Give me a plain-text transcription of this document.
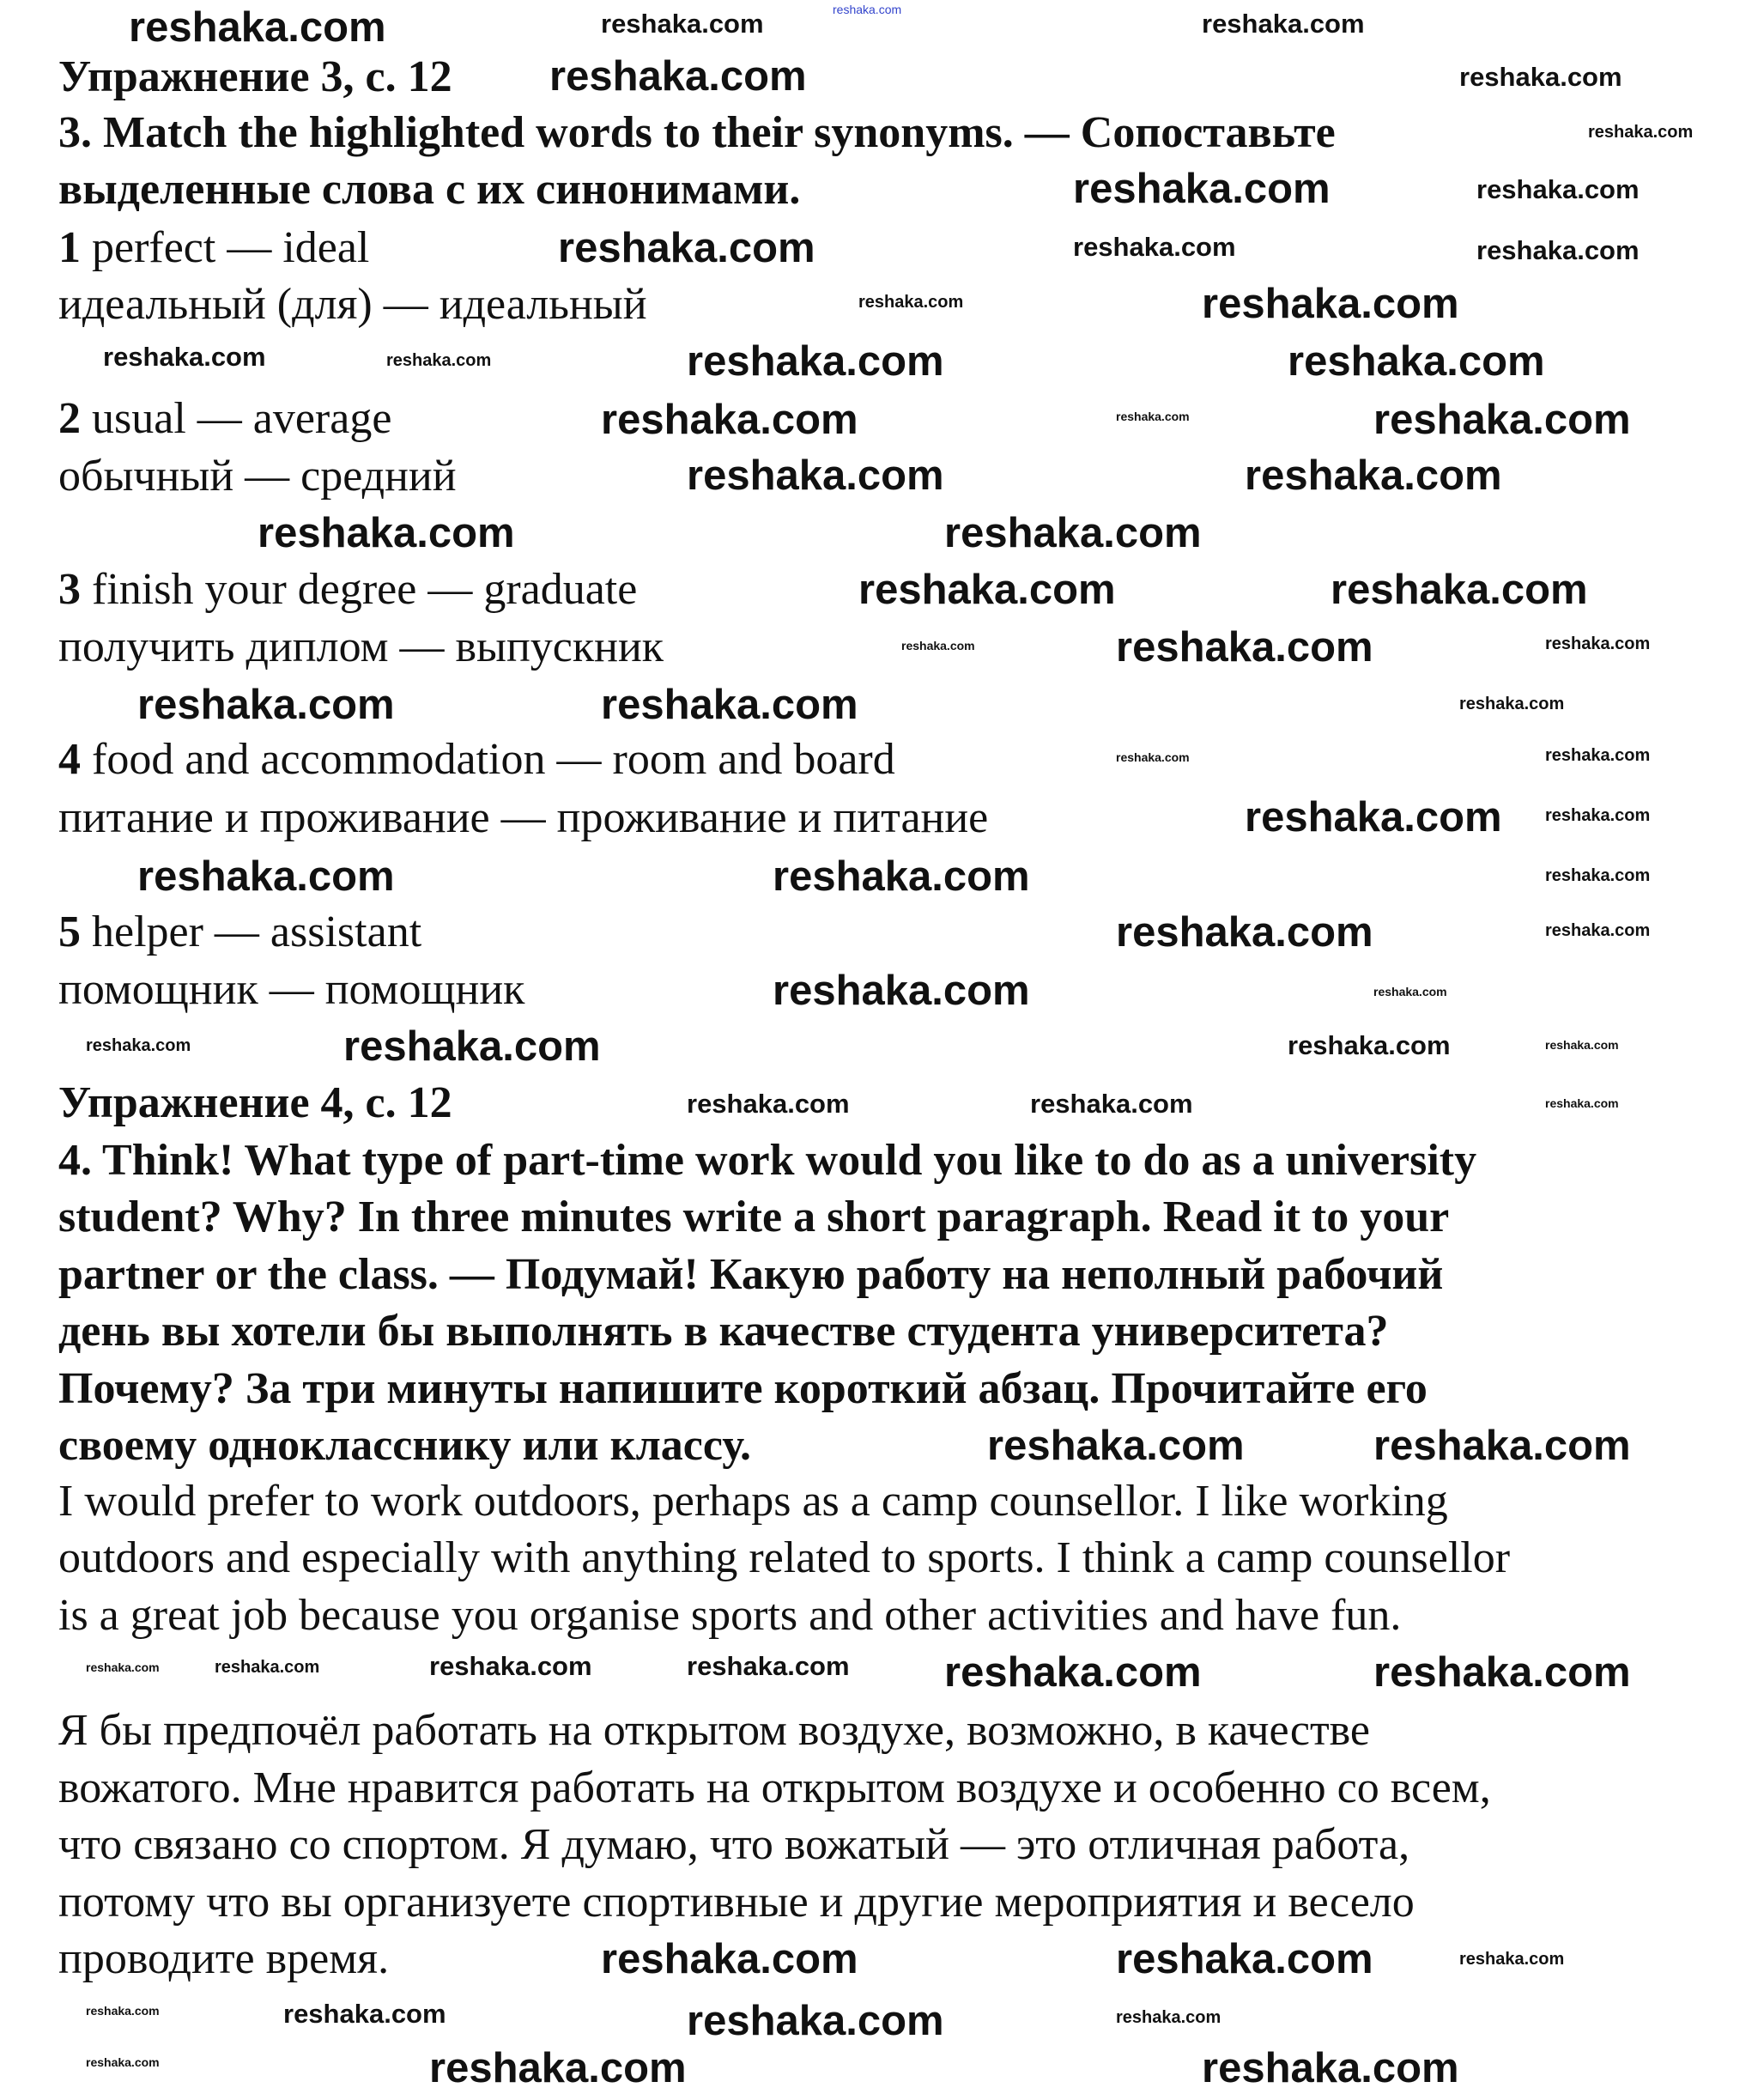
reshaka.com
Упражнение 3, с. 12
3. Match the highlighted words to their synonyms. — Сопоставьте
выделенные слова с их синонимами.
1 perfect — ideal
идеальный (для) — идеальный
2 usual — average
обычный — средний
3 finish your degree — graduate
получить диплом — выпускник
4 food and accommodation — room and board
питание и проживание — проживание и питание
5 helper — assistant
помощник — помощник
Упражнение 4, с. 12
4. Think! What type of part-time work would you like to do as a university
student? Why? In three minutes write a short paragraph. Read it to your
partner or the class. — Подумай! Какую работу на неполный рабочий
день вы хотели бы выполнять в качестве студента университета?
Почему? За три минуты напишите короткий абзац. Прочитайте его
своему однокласснику или классу.
I would prefer to work outdoors, perhaps as a camp counsellor. I like working
outdoors and especially with anything related to sports. I think a camp counsellor
is a great job because you organise sports and other activities and have fun.
Я бы предпочёл работать на открытом воздухе, возможно, в качестве
вожатого. Мне нравится работать на открытом воздухе и особенно со всем,
что связано со спортом. Я думаю, что вожатый — это отличная работа,
потому что вы организуете спортивные и другие мероприятия и весело
проводите время.
reshaka.com	reshaka.com	reshaka.com
reshaka.com	reshaka.com
reshaka.com
reshaka.com	reshaka.com
reshaka.com	reshaka.com	reshaka.com
reshaka.com	reshaka.com
reshaka.com	reshaka.com	reshaka.com	reshaka.com
reshaka.com	reshaka.com	reshaka.com
reshaka.com	reshaka.com
reshaka.com	reshaka.com
reshaka.com	reshaka.com
reshaka.com	reshaka.com	reshaka.com
reshaka.com	reshaka.com	reshaka.com
reshaka.com	reshaka.com
reshaka.com	reshaka.com
reshaka.com	reshaka.com	reshaka.com
reshaka.com	reshaka.com
reshaka.com	reshaka.com
reshaka.com	reshaka.com	reshaka.com	reshaka.com
reshaka.com	reshaka.com	reshaka.com
reshaka.com	reshaka.com
reshaka.com	reshaka.com	reshaka.com	reshaka.com reshaka.com	reshaka.com
reshaka.com	reshaka.com	reshaka.com
reshaka.com	reshaka.com	reshaka.com	reshaka.com
reshaka.com	reshaka.com	reshaka.com
